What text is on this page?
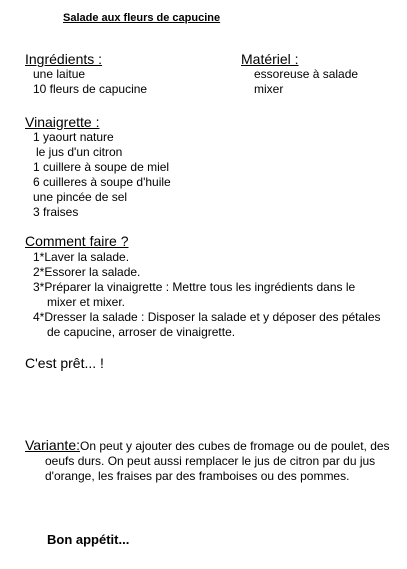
Salade aux fleurs de capucine
Ingrédients :
une laitue
10 fleurs de capucine
Matériel :
essoreuse à salade
mixer
Vinaigrette :
1 yaourt nature
le jus d'un citron
1 cuillere à soupe de miel
6 cuilleres à soupe d'huile
une pincée de sel
3 fraises
Comment faire ?
1*Laver la salade.
2*Essorer la salade.
3*Préparer la vinaigrette : Mettre tous les ingrédients dans le mixer et mixer.
4*Dresser la salade : Disposer la salade et y déposer des pétales de capucine, arroser de vinaigrette.
C'est prêt... !
Variante:On peut y ajouter des cubes de fromage ou de poulet, des oeufs durs. On peut aussi remplacer le jus de citron par du jus d'orange, les fraises par des framboises ou des pommes.
Bon appétit...
